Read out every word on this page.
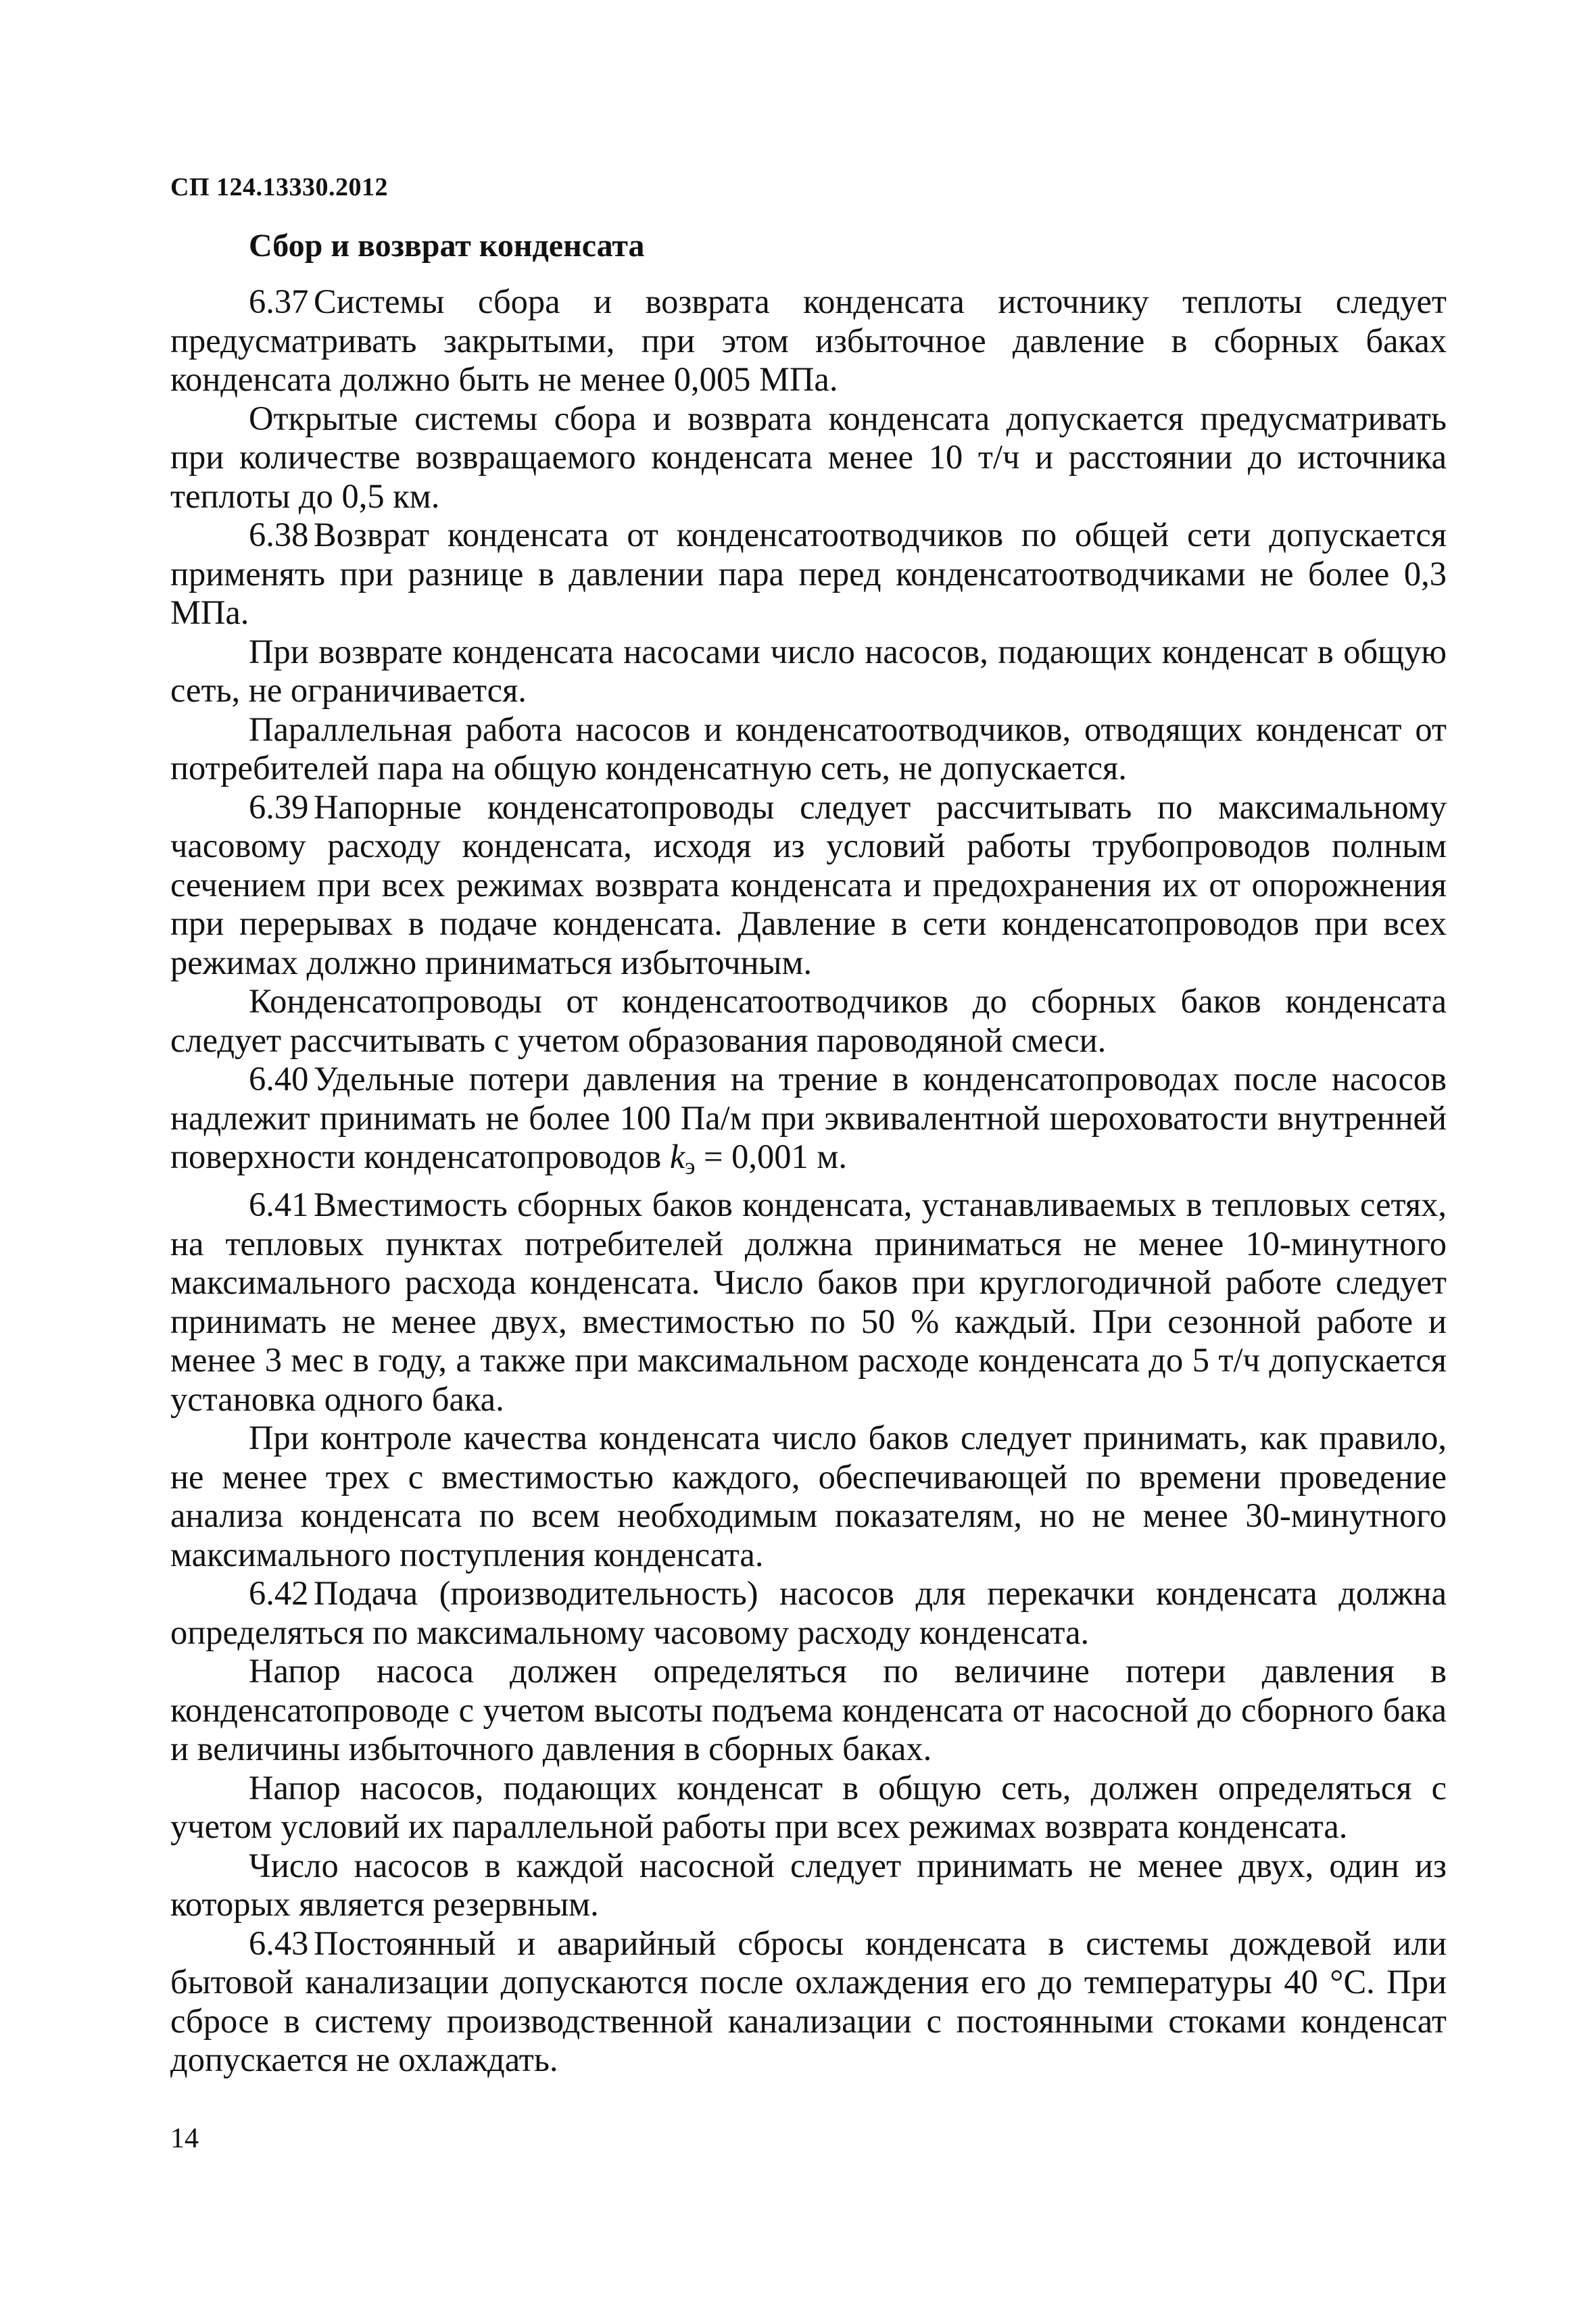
СП 124.13330.2012
Сбор и возврат конденсата

6.37 Системы сбора и возврата конденсата источнику теплоты следует предусматривать закрытыми, при этом избыточное давление в сборных баках конденсата должно быть не менее 0,005 МПа.

Открытые системы сбора и возврата конденсата допускается предусматривать при количестве возвращаемого конденсата менее 10 т/ч и расстоянии до источника теплоты до 0,5 км.

6.38 Возврат конденсата от конденсатоотводчиков по общей сети допускается применять при разнице в давлении пара перед конденсатоотводчиками не более 0,3 МПа.

При возврате конденсата насосами число насосов, подающих конденсат в общую сеть, не ограничивается.

Параллельная работа насосов и конденсатоотводчиков, отводящих конденсат от потребителей пара на общую конденсатную сеть, не допускается.

6.39 Напорные конденсатопроводы следует рассчитывать по максимальному часовому расходу конденсата, исходя из условий работы трубопроводов полным сечением при всех режимах возврата конденсата и предохранения их от опорожнения при перерывах в подаче конденсата. Давление в сети конденсатопроводов при всех режимах должно приниматься избыточным.

Конденсатопроводы от конденсатоотводчиков до сборных баков конденсата следует рассчитывать с учетом образования пароводяной смеси.

6.40 Удельные потери давления на трение в конденсатопроводах после насосов надлежит принимать не более 100 Па/м при эквивалентной шероховатости внутренней поверхности конденсатопроводов kэ = 0,001 м.

6.41 Вместимость сборных баков конденсата, устанавливаемых в тепловых сетях, на тепловых пунктах потребителей должна приниматься не менее 10-минутного максимального расхода конденсата. Число баков при круглогодичной работе следует принимать не менее двух, вместимостью по 50 % каждый. При сезонной работе и менее 3 мес в году, а также при максимальном расходе конденсата до 5 т/ч допускается установка одного бака.

При контроле качества конденсата число баков следует принимать, как правило, не менее трех с вместимостью каждого, обеспечивающей по времени проведение анализа конденсата по всем необходимым показателям, но не менее 30-минутного максимального поступления конденсата.

6.42 Подача (производительность) насосов для перекачки конденсата должна определяться по максимальному часовому расходу конденсата.

Напор насоса должен определяться по величине потери давления в конденсатопроводе с учетом высоты подъема конденсата от насосной до сборного бака и величины избыточного давления в сборных баках.

Напор насосов, подающих конденсат в общую сеть, должен определяться с учетом условий их параллельной работы при всех режимах возврата конденсата.

Число насосов в каждой насосной следует принимать не менее двух, один из которых является резервным.

6.43 Постоянный и аварийный сбросы конденсата в системы дождевой или бытовой канализации допускаются после охлаждения его до температуры 40 °С. При сбросе в систему производственной канализации с постоянными стоками конденсат допускается не охлаждать.

14
